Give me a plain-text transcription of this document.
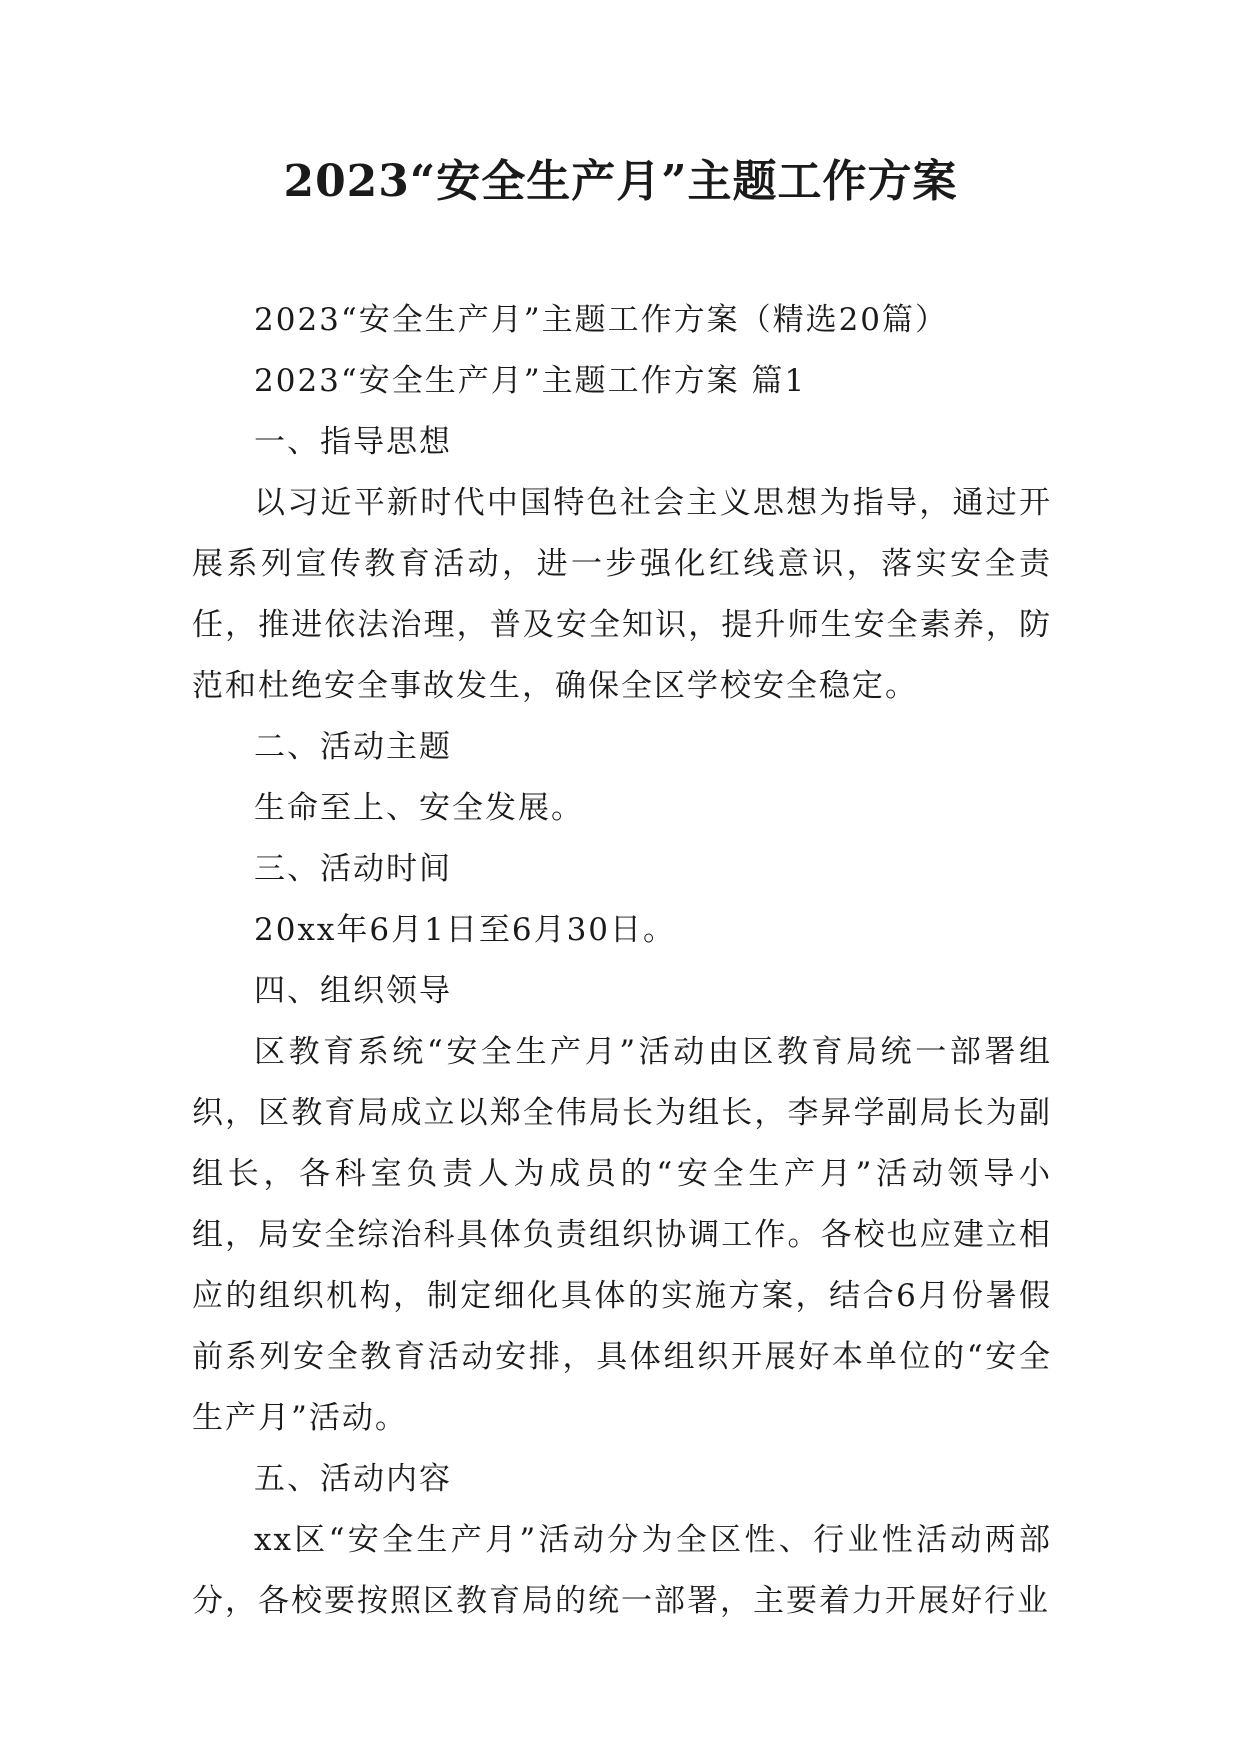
2023“安全生产月”主题工作方案

2023“安全生产月”主题工作方案（精选20篇）

2023“安全生产月”主题工作方案 篇1

一、指导思想

以习近平新时代中国特色社会主义思想为指导，通过开展系列宣传教育活动，进一步强化红线意识，落实安全责任，推进依法治理，普及安全知识，提升师生安全素养，防范和杜绝安全事故发生，确保全区学校安全稳定。

二、活动主题

生命至上、安全发展。

三、活动时间

20xx年6月1日至6月30日。

四、组织领导

区教育系统“安全生产月”活动由区教育局统一部署组织，区教育局成立以郑全伟局长为组长，李昇学副局长为副组长，各科室负责人为成员的“安全生产月”活动领导小组，局安全综治科具体负责组织协调工作。各校也应建立相应的组织机构，制定细化具体的实施方案，结合6月份暑假前系列安全教育活动安排，具体组织开展好本单位的“安全生产月”活动。

五、活动内容

xx区“安全生产月”活动分为全区性、行业性活动两部分，各校要按照区教育局的统一部署，主要着力开展好行业
